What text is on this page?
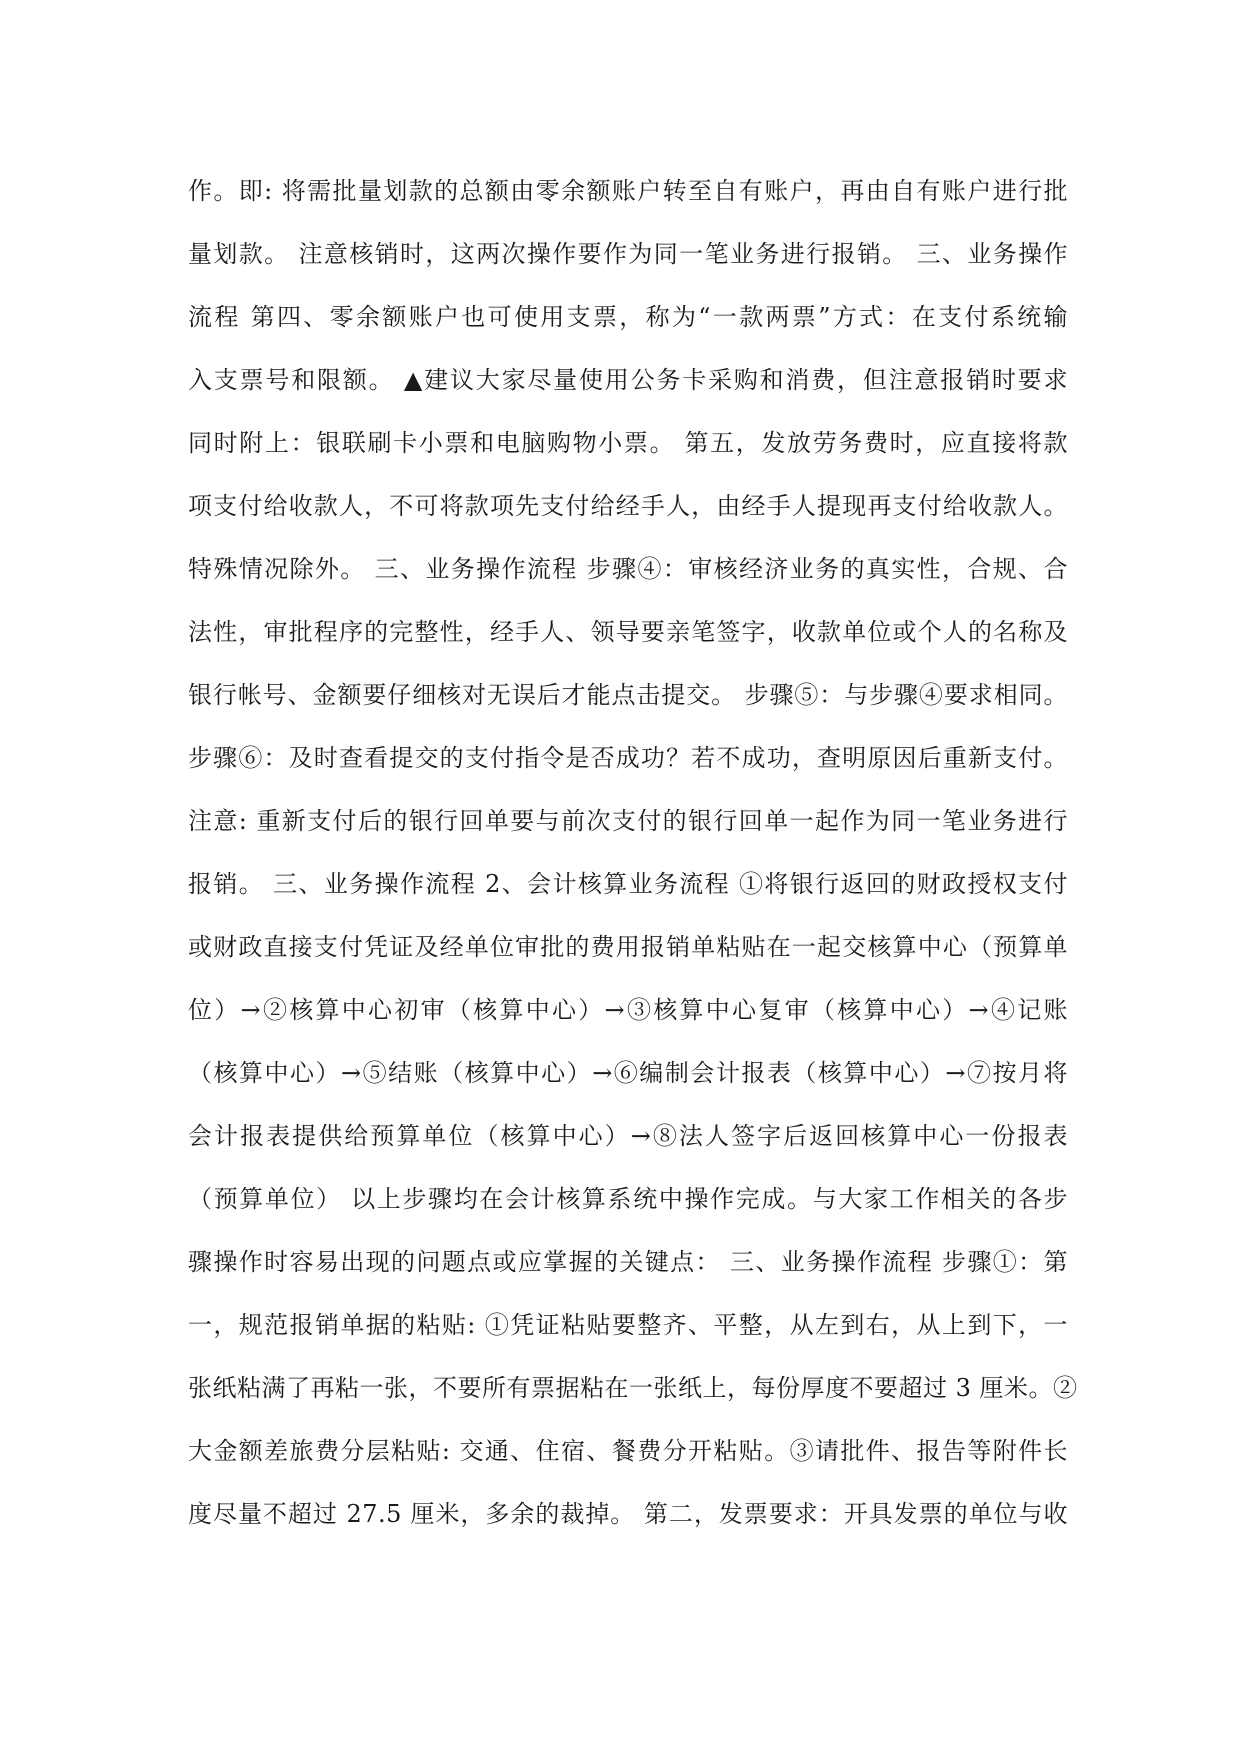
作。即: 将需批量划款的总额由零余额账户转至自有账户，再由自有账户进行批
量划款。 注意核销时，这两次操作要作为同一笔业务进行报销。 三、业务操作
流程 第四、零余额账户也可使用支票，称为“一款两票”方式：在支付系统输
入支票号和限额。 ▲建议大家尽量使用公务卡采购和消费，但注意报销时要求
同时附上：银联刷卡小票和电脑购物小票。 第五，发放劳务费时，应直接将款
项支付给收款人，不可将款项先支付给经手人，由经手人提现再支付给收款人。
特殊情况除外。 三、业务操作流程 步骤④：审核经济业务的真实性，合规、合
法性，审批程序的完整性，经手人、领导要亲笔签字，收款单位或个人的名称及
银行帐号、金额要仔细核对无误后才能点击提交。 步骤⑤：与步骤④要求相同。
步骤⑥：及时查看提交的支付指令是否成功？若不成功，查明原因后重新支付。
注意: 重新支付后的银行回单要与前次支付的银行回单一起作为同一笔业务进行
报销。 三、业务操作流程 2、会计核算业务流程 ①将银行返回的财政授权支付
或财政直接支付凭证及经单位审批的费用报销单粘贴在一起交核算中心（预算单
位）→②核算中心初审（核算中心）→③核算中心复审（核算中心）→④记账
（核算中心）→⑤结账（核算中心）→⑥编制会计报表（核算中心）→⑦按月将
会计报表提供给预算单位（核算中心）→⑧法人签字后返回核算中心一份报表
（预算单位） 以上步骤均在会计核算系统中操作完成。与大家工作相关的各步
骤操作时容易出现的问题点或应掌握的关键点： 三、业务操作流程 步骤①：第
一，规范报销单据的粘贴: ①凭证粘贴要整齐、平整，从左到右，从上到下，一
张纸粘满了再粘一张，不要所有票据粘在一张纸上，每份厚度不要超过 3 厘米。②
大金额差旅费分层粘贴: 交通、住宿、餐费分开粘贴。③请批件、报告等附件长
度尽量不超过 27.5 厘米，多余的裁掉。 第二，发票要求：开具发票的单位与收
